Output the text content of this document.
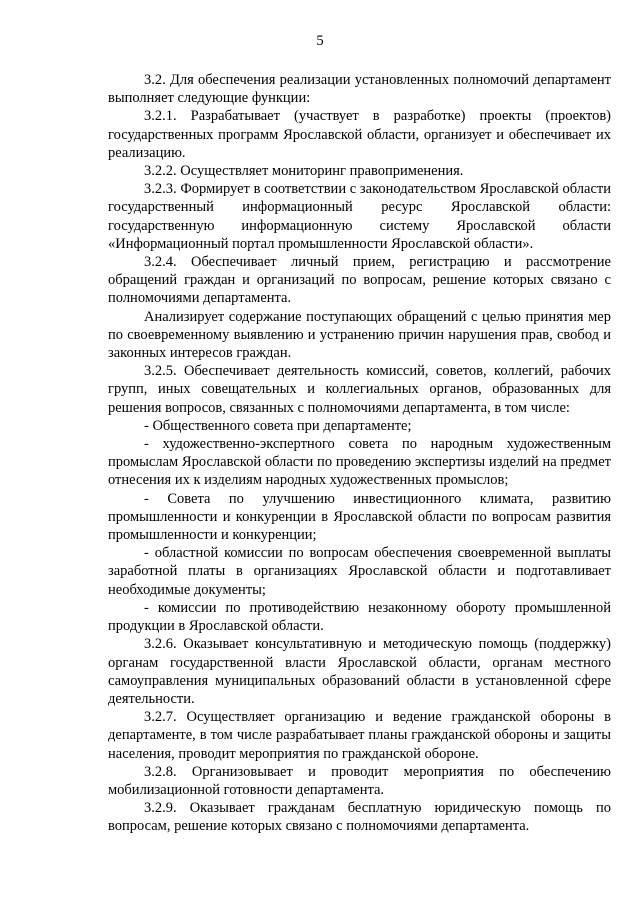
5

3.2. Для обеспечения реализации установленных полномочий департамент выполняет следующие функции:

3.2.1. Разрабатывает (участвует в разработке) проекты (проектов) государственных программ Ярославской области, организует и обеспечивает их реализацию.

3.2.2. Осуществляет мониторинг правоприменения.

3.2.3. Формирует в соответствии с законодательством Ярославской области государственный информационный ресурс Ярославской области: государственную информационную систему Ярославской области «Информационный портал промышленности Ярославской области».

3.2.4. Обеспечивает личный прием, регистрацию и рассмотрение обращений граждан и организаций по вопросам, решение которых связано с полномочиями департамента.

Анализирует содержание поступающих обращений с целью принятия мер по своевременному выявлению и устранению причин нарушения прав, свобод и законных интересов граждан.

3.2.5. Обеспечивает деятельность комиссий, советов, коллегий, рабочих групп, иных совещательных и коллегиальных органов, образованных для решения вопросов, связанных с полномочиями департамента, в том числе:

- Общественного совета при департаменте;

- художественно-экспертного совета по народным художественным промыслам Ярославской области по проведению экспертизы изделий на предмет отнесения их к изделиям народных художественных промыслов;

- Совета по улучшению инвестиционного климата, развитию промышленности и конкуренции в Ярославской области по вопросам развития промышленности и конкуренции;

- областной комиссии по вопросам обеспечения своевременной выплаты заработной платы в организациях Ярославской области и подготавливает необходимые документы;

- комиссии по противодействию незаконному обороту промышленной продукции в Ярославской области.

3.2.6. Оказывает консультативную и методическую помощь (поддержку) органам государственной власти Ярославской области, органам местного самоуправления муниципальных образований области в установленной сфере деятельности.

3.2.7. Осуществляет организацию и ведение гражданской обороны в департаменте, в том числе разрабатывает планы гражданской обороны и защиты населения, проводит мероприятия по гражданской обороне.

3.2.8. Организовывает и проводит мероприятия по обеспечению мобилизационной готовности департамента.

3.2.9. Оказывает гражданам бесплатную юридическую помощь по вопросам, решение которых связано с полномочиями департамента.
